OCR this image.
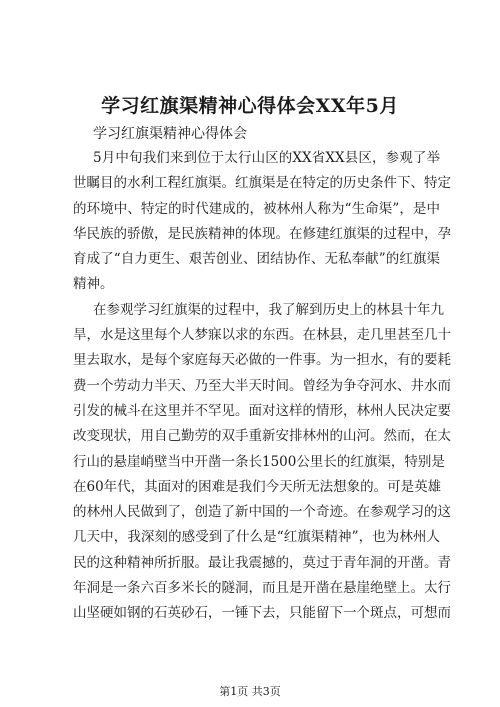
学习红旗渠精神心得体会XX年5月
学习红旗渠精神心得体会
5月中旬我们来到位于太行山区的XX省XX县区，参观了举
世瞩目的水利工程红旗渠。红旗渠是在特定的历史条件下、特定
的环境中、特定的时代建成的，被林州人称为“生命渠”，是中
华民族的骄傲，是民族精神的体现。在修建红旗渠的过程中，孕
育成了“自力更生、艰苦创业、团结协作、无私奉献”的红旗渠
精神。
在参观学习红旗渠的过程中，我了解到历史上的林县十年九
旱，水是这里每个人梦寐以求的东西。在林县，走几里甚至几十
里去取水，是每个家庭每天必做的一件事。为一担水，有的要耗
费一个劳动力半天、乃至大半天时间。曾经为争夺河水、井水而
引发的械斗在这里并不罕见。面对这样的情形，林州人民决定要
改变现状，用自己勤劳的双手重新安排林州的山河。然而，在太
行山的悬崖峭壁当中开凿一条长1500公里长的红旗渠，特别是
在60年代，其面对的困难是我们今天所无法想象的。可是英雄
的林州人民做到了，创造了新中国的一个奇迹。在参观学习的这
几天中，我深刻的感受到了什么是“红旗渠精神”，也为林州人
民的这种精神所折服。最让我震撼的，莫过于青年洞的开凿。青
年洞是一条六百多米长的隧洞，而且是开凿在悬崖绝壁上。太行
山坚硬如钢的石英砂石，一锤下去，只能留下一个斑点，可想而
第1页 共3页
